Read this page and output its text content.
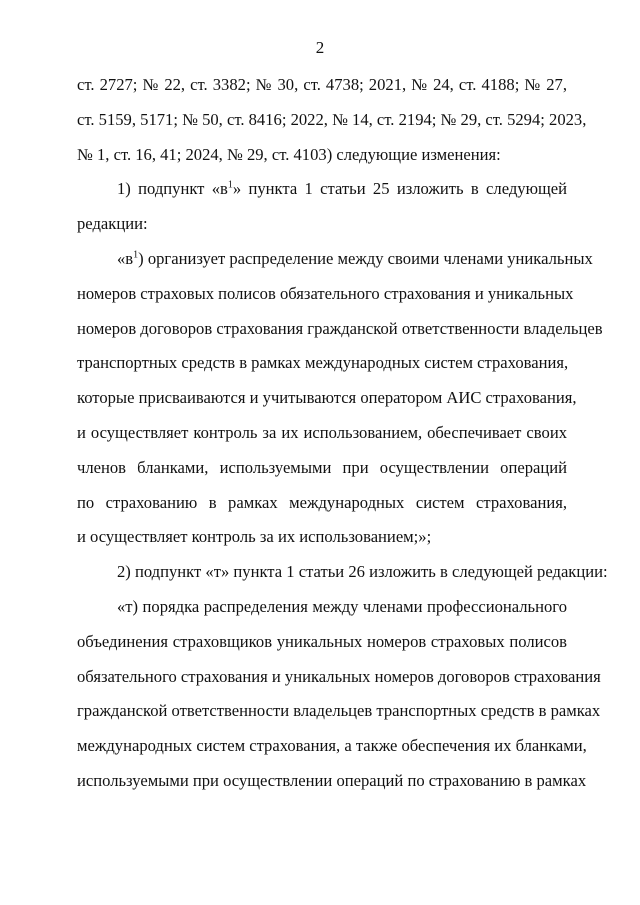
2
ст. 2727; № 22, ст. 3382; № 30, ст. 4738; 2021, № 24, ст. 4188; № 27,
ст. 5159, 5171; № 50, ст. 8416; 2022, № 14, ст. 2194; № 29, ст. 5294; 2023,
№ 1, ст. 16, 41; 2024, № 29, ст. 4103) следующие изменения:
1) подпункт «$в^1$» пункта 1 статьи 25 изложить в следующей
редакции:
«$в^1$) организует распределение между своими членами уникальных
номеров страховых полисов обязательного страхования и уникальных
номеров договоров страхования гражданской ответственности владельцев
транспортных средств в рамках международных систем страхования,
которые присваиваются и учитываются оператором АИС страхования,
и осуществляет контроль за их использованием, обеспечивает своих
членов бланками, используемыми при осуществлении операций
по страхованию в рамках международных систем страхования,
и осуществляет контроль за их использованием;»;
2) подпункт «т» пункта 1 статьи 26 изложить в следующей редакции:
«т) порядка распределения между членами профессионального
объединения страховщиков уникальных номеров страховых полисов
обязательного страхования и уникальных номеров договоров страхования
гражданской ответственности владельцев транспортных средств в рамках
международных систем страхования, а также обеспечения их бланками,
используемыми при осуществлении операций по страхованию в рамках
